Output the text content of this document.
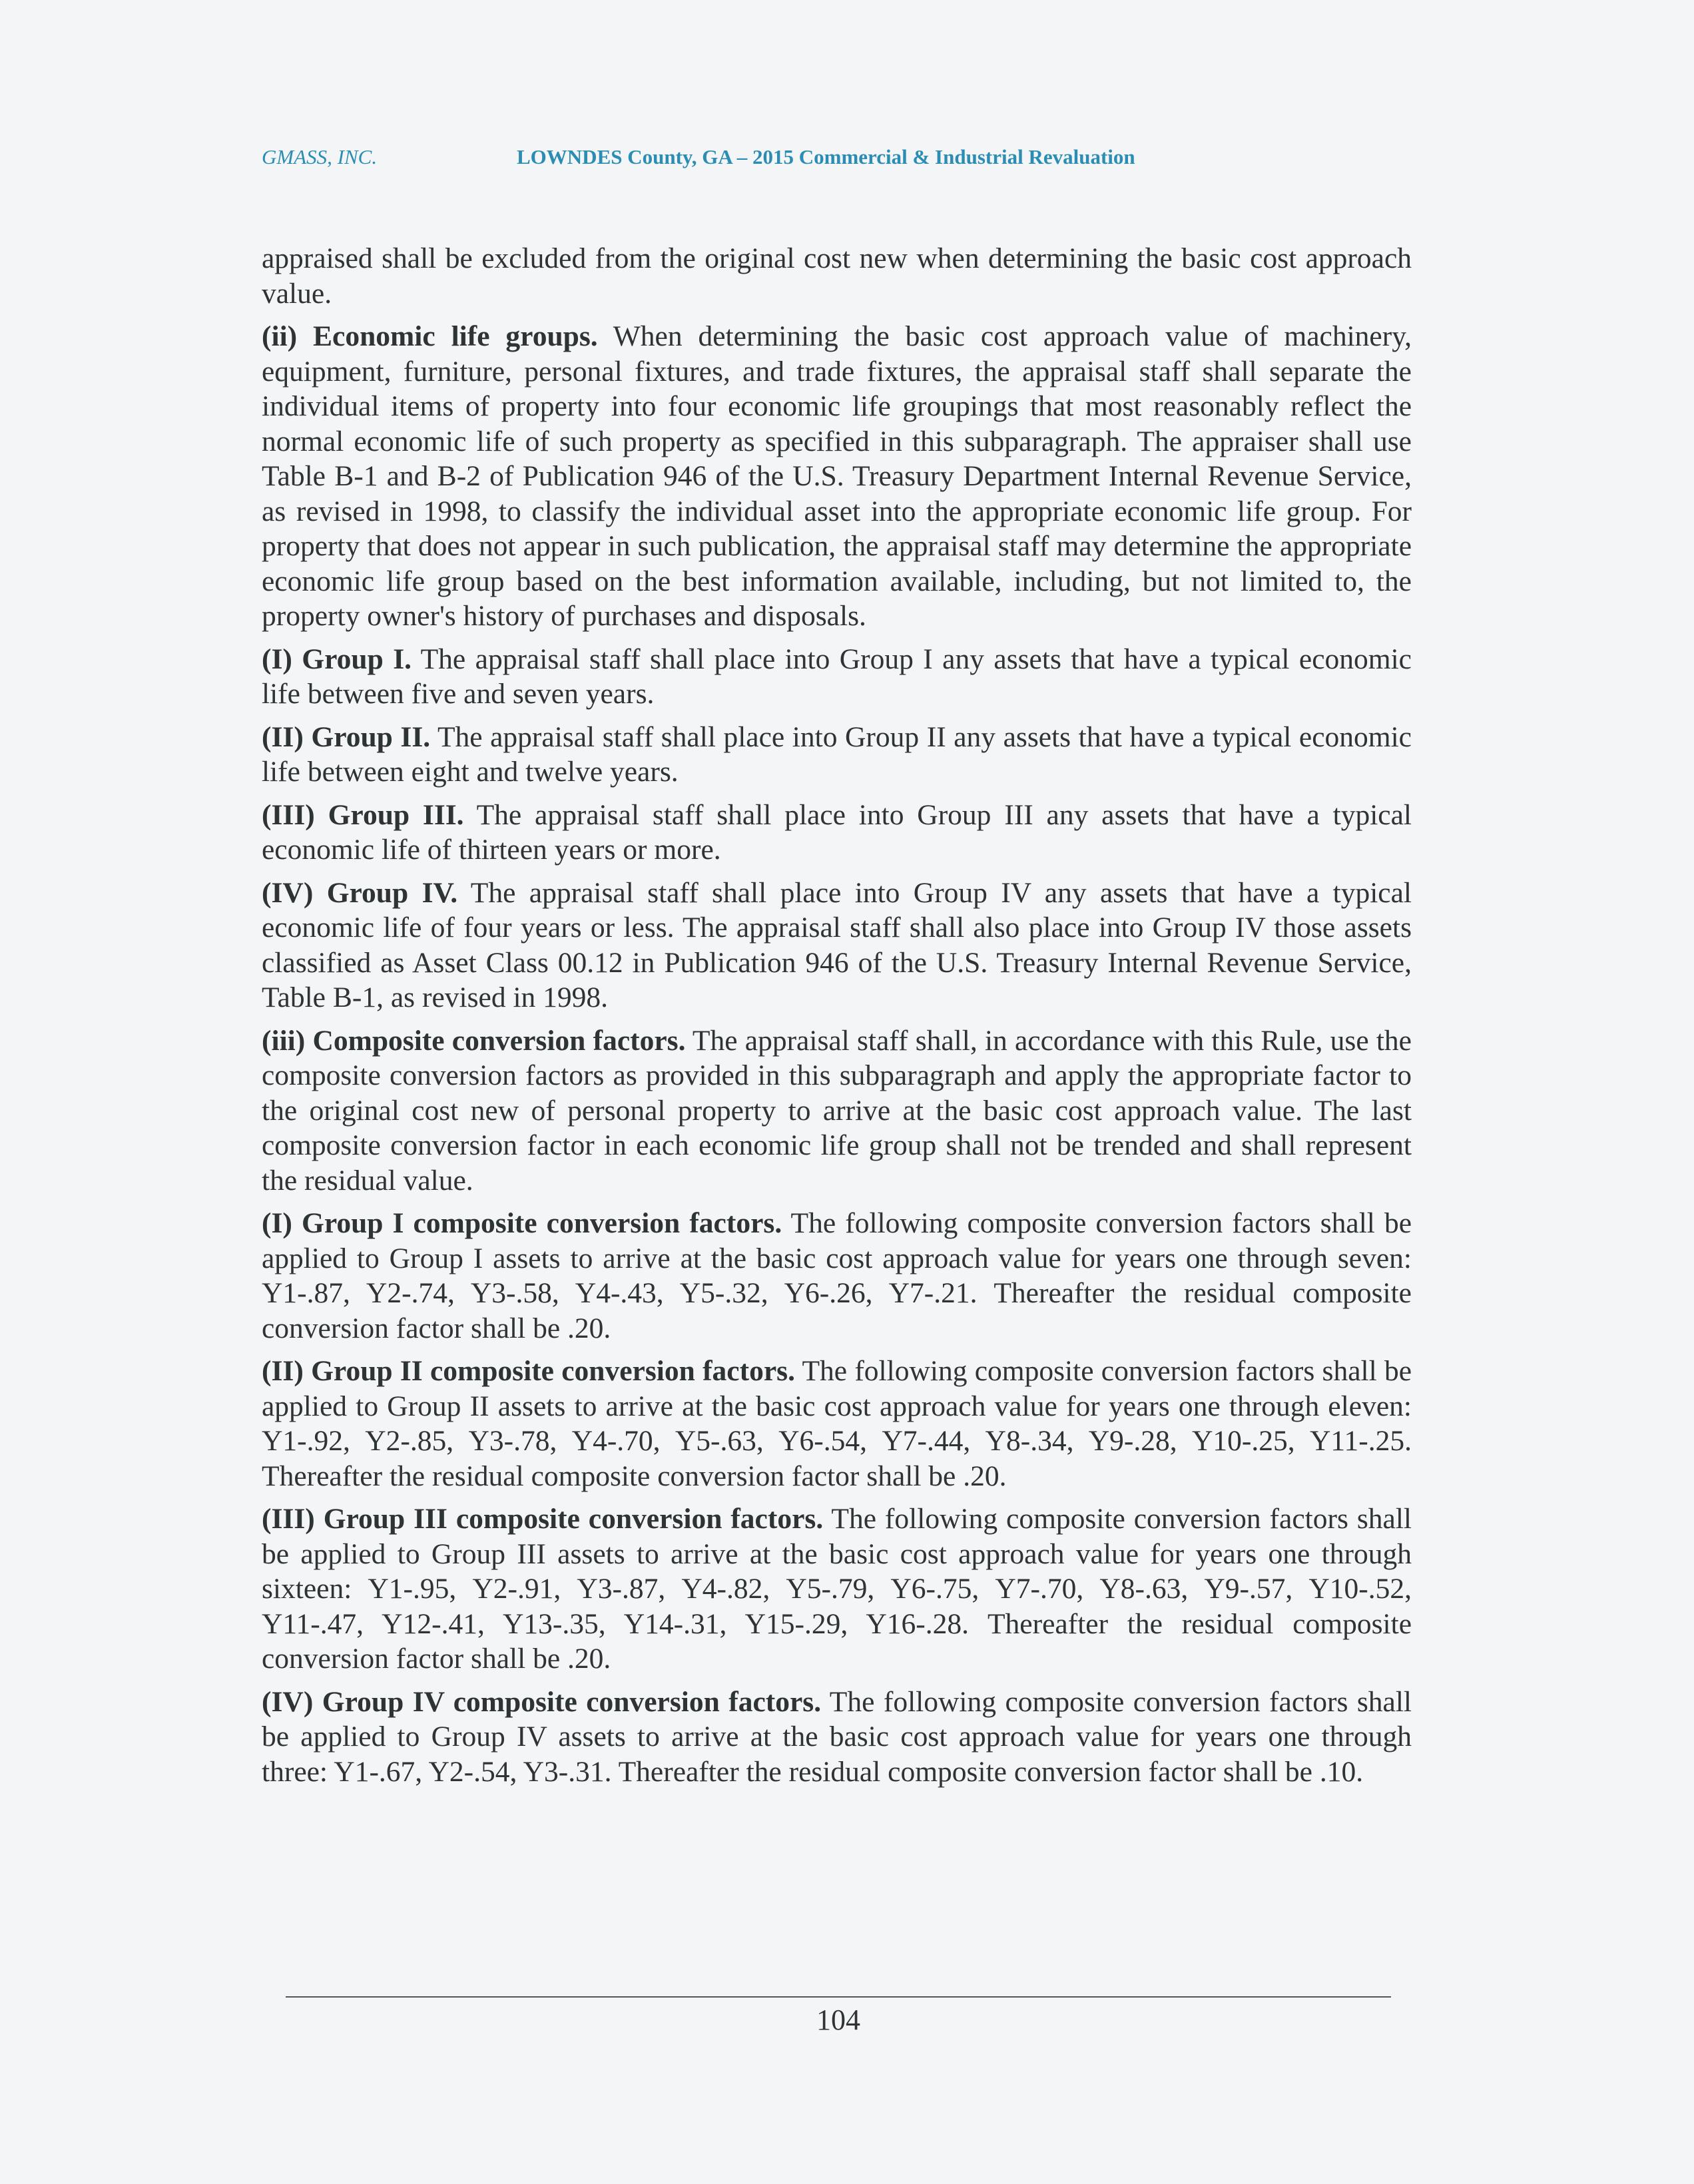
GMASS, INC.	LOWNDES County, GA – 2015 Commercial & Industrial Revaluation

appraised shall be excluded from the original cost new when determining the basic cost approach value.

(ii) Economic life groups. When determining the basic cost approach value of machinery, equipment, furniture, personal fixtures, and trade fixtures, the appraisal staff shall separate the individual items of property into four economic life groupings that most reasonably reflect the normal economic life of such property as specified in this subparagraph. The appraiser shall use Table B-1 and B-2 of Publication 946 of the U.S. Treasury Department Internal Revenue Service, as revised in 1998, to classify the individual asset into the appropriate economic life group. For property that does not appear in such publication, the appraisal staff may determine the appropriate economic life group based on the best information available, including, but not limited to, the property owner's history of purchases and disposals.

(I) Group I. The appraisal staff shall place into Group I any assets that have a typical economic life between five and seven years.

(II) Group II. The appraisal staff shall place into Group II any assets that have a typical economic life between eight and twelve years.

(III) Group III. The appraisal staff shall place into Group III any assets that have a typical economic life of thirteen years or more.

(IV) Group IV. The appraisal staff shall place into Group IV any assets that have a typical economic life of four years or less. The appraisal staff shall also place into Group IV those assets classified as Asset Class 00.12 in Publication 946 of the U.S. Treasury Internal Revenue Service, Table B-1, as revised in 1998.

(iii) Composite conversion factors. The appraisal staff shall, in accordance with this Rule, use the composite conversion factors as provided in this subparagraph and apply the appropriate factor to the original cost new of personal property to arrive at the basic cost approach value. The last composite conversion factor in each economic life group shall not be trended and shall represent the residual value.

(I) Group I composite conversion factors. The following composite conversion factors shall be applied to Group I assets to arrive at the basic cost approach value for years one through seven: Y1-.87, Y2-.74, Y3-.58, Y4-.43, Y5-.32, Y6-.26, Y7-.21. Thereafter the residual composite conversion factor shall be .20.

(II) Group II composite conversion factors. The following composite conversion factors shall be applied to Group II assets to arrive at the basic cost approach value for years one through eleven: Y1-.92, Y2-.85, Y3-.78, Y4-.70, Y5-.63, Y6-.54, Y7-.44, Y8-.34, Y9-.28, Y10-.25, Y11-.25. Thereafter the residual composite conversion factor shall be .20.

(III) Group III composite conversion factors. The following composite conversion factors shall be applied to Group III assets to arrive at the basic cost approach value for years one through sixteen: Y1-.95, Y2-.91, Y3-.87, Y4-.82, Y5-.79, Y6-.75, Y7-.70, Y8-.63, Y9-.57, Y10-.52, Y11-.47, Y12-.41, Y13-.35, Y14-.31, Y15-.29, Y16-.28. Thereafter the residual composite conversion factor shall be .20.

(IV) Group IV composite conversion factors. The following composite conversion factors shall be applied to Group IV assets to arrive at the basic cost approach value for years one through three: Y1-.67, Y2-.54, Y3-.31. Thereafter the residual composite conversion factor shall be .10.

104
